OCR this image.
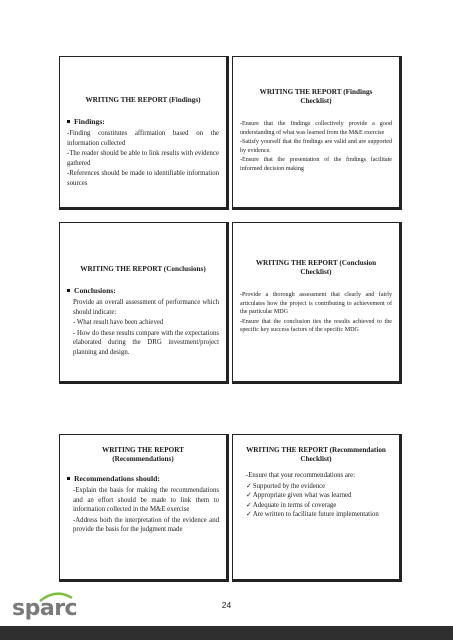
WRITING THE REPORT (Findings)
Findings:
-Finding constitutes affirmation based on the information collected
-The reader should be able to link results with evidence gathered
-References should be made to identifiable information sources
WRITING THE REPORT (Findings Checklist)
-Ensure that the findings collectively provide a good understanding of what was learned from the M&E exercise
-Satisfy yourself that the findings are valid and are supported by evidence.
-Ensure that the presentation of the findings facilitate informed decision making
WRITING THE REPORT (Conclusions)
Conclusions:
Provide an overall assessment of performance which should indicate:
- What result have been achieved
- How do these results compare with the expectations elaborated during the DRG investment/project planning and design.
WRITING THE REPORT (Conclusion Checklist)
-Provide a thorough assessment that clearly and fairly articulates how the project is contributing to achievement of the particular MDG
-Ensure that the conclusion ties the results achieved to the specific key success factors of the specific MDG
WRITING THE REPORT (Recommendations)
Recommendations should:
-Explain the basis for making the recommendations and an effort should be made to link them to information collected in the M&E exercise
-Address both the interpretation of the evidence and provide the basis for the judgment made
WRITING THE REPORT (Recommendation Checklist)
-Ensure that your recommendations are:
✓Supported by the evidence
✓Appropriate given what was learned
✓Adequate in terms of coverage
✓Are written to facilitate future implementation
sparc	24
